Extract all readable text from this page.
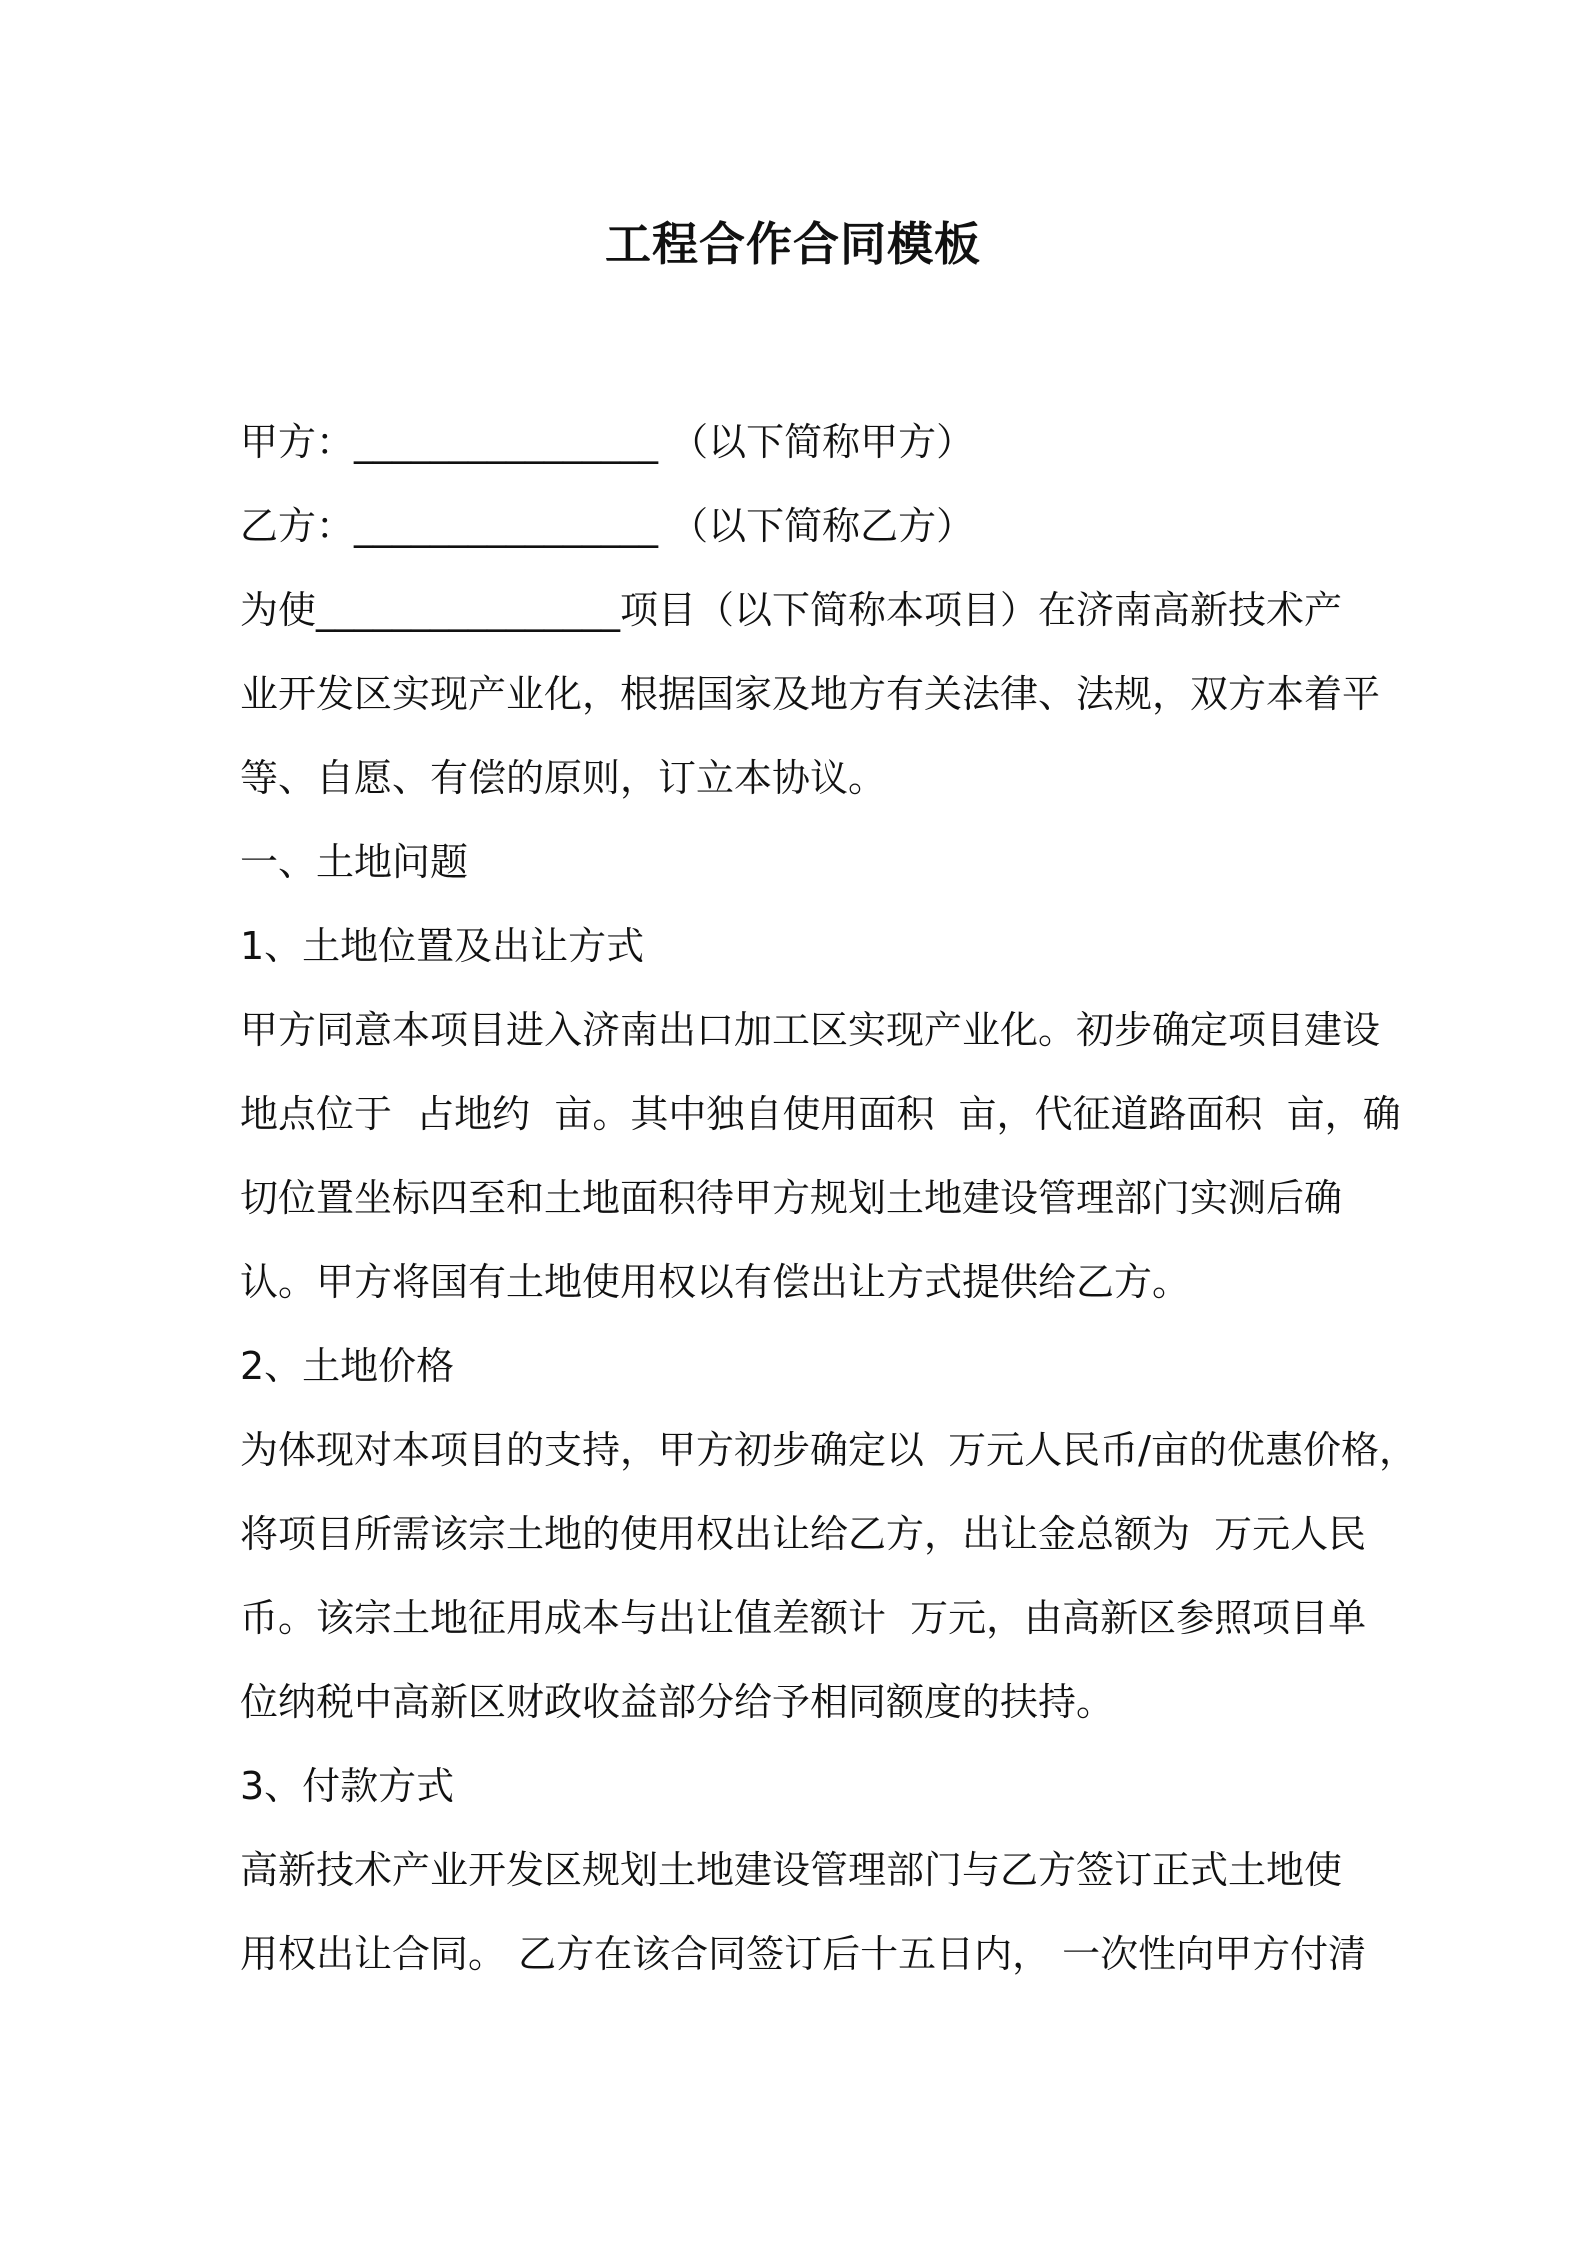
工程合作合同模板

甲方：________________ （以下简称甲方）

乙方：________________ （以下简称乙方）

为使________________项目（以下简称本项目）在济南高新技术产

业开发区实现产业化，根据国家及地方有关法律、法规，双方本着平

等、自愿、有偿的原则，订立本协议。

一、土地问题

1、土地位置及出让方式

甲方同意本项目进入济南出口加工区实现产业化。初步确定项目建设

地点位于  占地约  亩。其中独自使用面积  亩，代征道路面积  亩，确

切位置坐标四至和土地面积待甲方规划土地建设管理部门实测后确

认。甲方将国有土地使用权以有偿出让方式提供给乙方。

2、土地价格

为体现对本项目的支持，甲方初步确定以  万元人民币/亩的优惠价格，

将项目所需该宗土地的使用权出让给乙方，出让金总额为  万元人民

币。该宗土地征用成本与出让值差额计  万元，由高新区参照项目单

位纳税中高新区财政收益部分给予相同额度的扶持。

3、付款方式

高新技术产业开发区规划土地建设管理部门与乙方签订正式土地使

用权出让合同。 乙方在该合同签订后十五日内， 一次性向甲方付清
